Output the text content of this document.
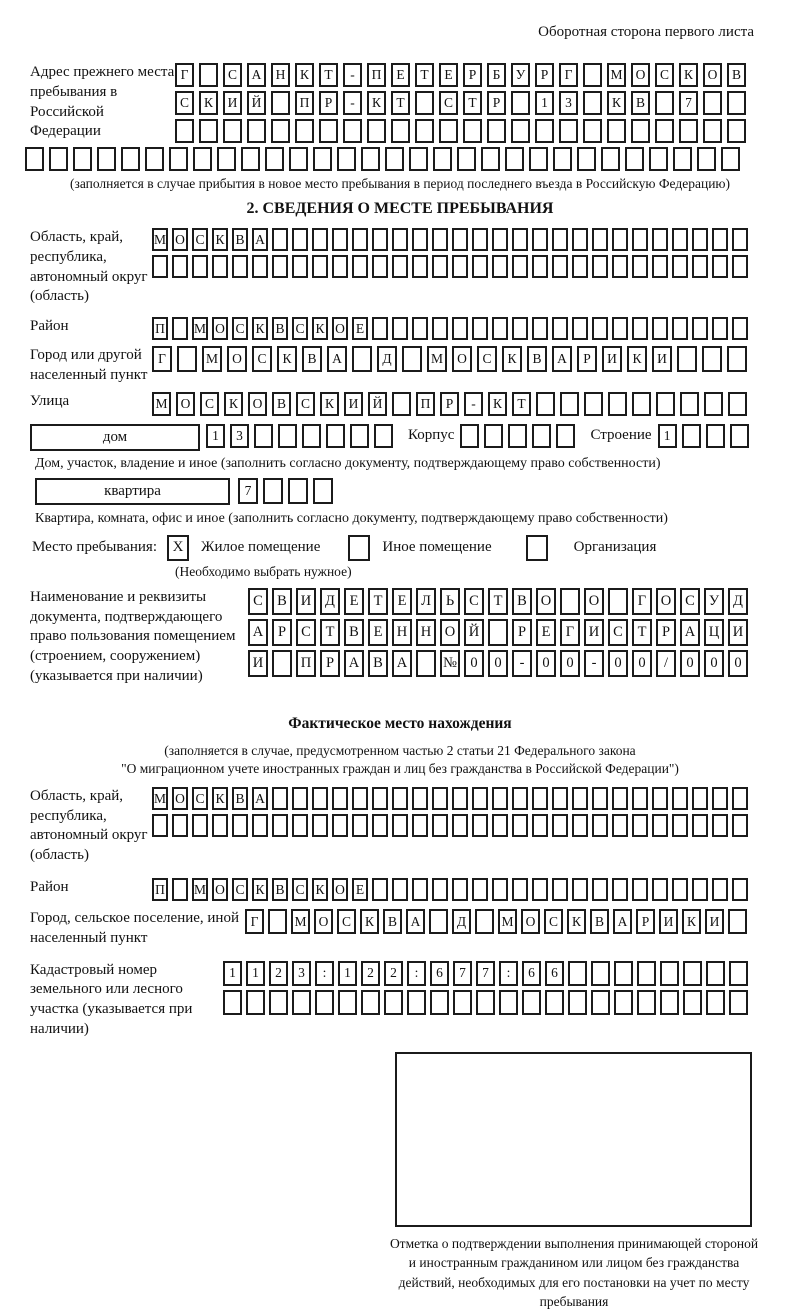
Оборотная сторона первого листа
Адрес прежнего места пребывания в Российской Федерации
Г	С	А	Н	К	Т	-	П	Е	Т	Е	Р	Б	У	Р	Г	М О	С	К	О	В
С	К	И	Й	П	Р	-	К	Т	С	Т	Р	1	3	К	В	7
(заполняется в случае прибытия в новое место пребывания в период последнего въезда в Российскую Федерацию)
2. СВЕДЕНИЯ О МЕСТЕ ПРЕБЫВАНИЯ
Область, край, республика, автономный округ (область)
М О С К В А
Район	П М О С К В С К О Е
Город или другой населенный пункт
Г	М	О	С	К	В	А	Д	М	О	С	К	В	А	Р	И	К	И
Улица	М О	С	К	О	В	С	К	И	Й	П	Р	-	К	Т
дом	1	3	Корпус	Строение 1
Дом, участок, владение и иное (заполнить согласно документу, подтверждающему право собственности)
квартира	7
Квартира, комната, офис и иное (заполнить согласно документу, подтверждающему право собственности)
Место пребывания:	X	Жилое помещение	Иное помещение	Организация
(Необходимо выбрать нужное)
Наименование и реквизиты документа, подтверждающего право пользования помещением (строением, сооружением) (указывается при наличии)
С В И Д	Е	Т	Е	Л	Ь	С	Т	В О	О	Г	О С У Д
А	Р	С	Т	В	Е Н Н О Й	Р	Е	Г	И С	Т	Р	А Ц И
И	П	Р	А В А	№ 0	0	-	0	0	-	0	0	/	0	0	0
Фактическое место нахождения
(заполняется в случае, предусмотренном частью 2 статьи 21 Федерального закона
"О миграционном учете иностранных граждан и лиц без гражданства в Российской Федерации")
Область, край, республика, автономный округ (область)
М О С К В А
Район	П М О С К В С К О Е
Город, сельское поселение, иной населенный пункт
Г	М О	С	К	В	А	Д	М О	С	К	В	А	Р	И	К	И
Кадастровый номер земельного или лесного участка (указывается при наличии)
1	1	2	3	:	1	2	2	:	6	7	7	:	6	6
Отметка о подтверждении выполнения принимающей стороной и иностранным гражданином или лицом без гражданства действий, необходимых для его постановки на учет по месту пребывания
